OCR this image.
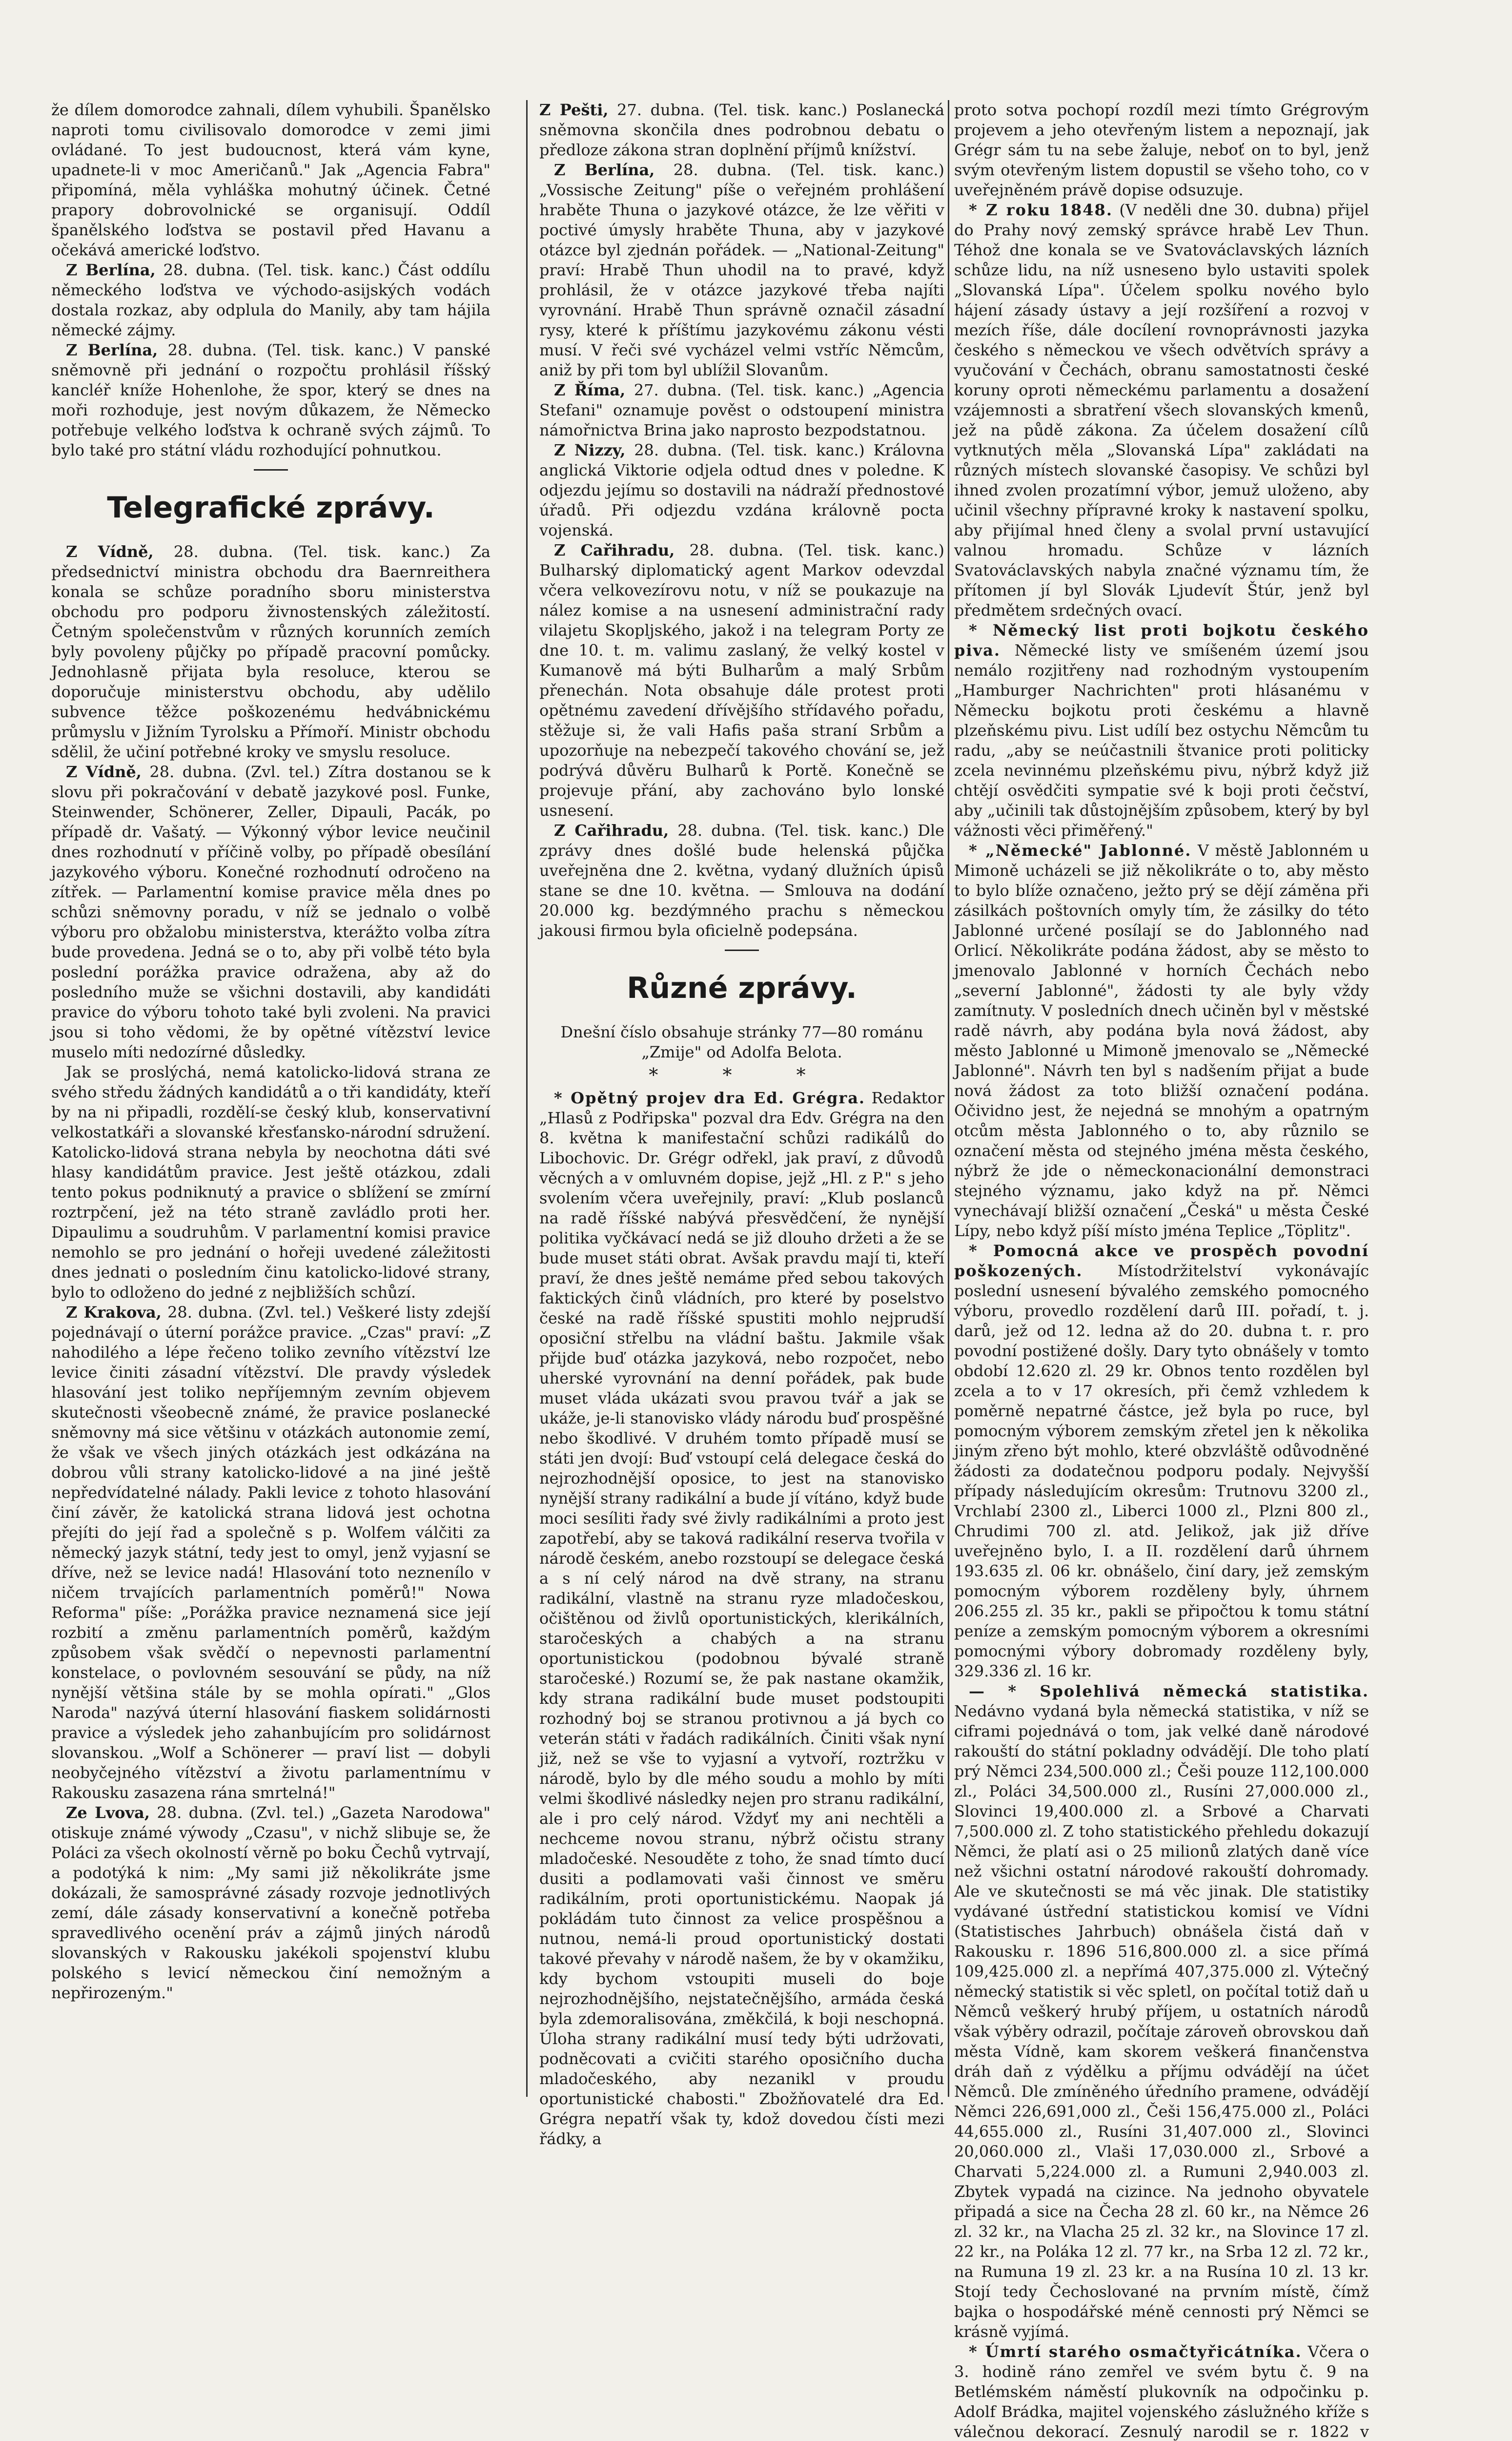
že dílem domorodce zahnali, dílem vyhubili. Španělsko naproti tomu civilisovalo domorodce v zemi jimi ovládané. To jest budoucnost, která vám kyne, upadnete-li v moc Američanů." Jak „Agencia Fabra" připomíná, měla vyhláška mohutný účinek. Četné prapory dobrovolnické se organisují. Oddíl španělského loďstva se postavil před Havanu a očekává americké loďstvo.

Z Berlína, 28. dubna. (Tel. tisk. kanc.) Část oddílu německého loďstva ve východo-asijských vodách dostala rozkaz, aby odplula do Manily, aby tam hájila německé zájmy.

Z Berlína, 28. dubna. (Tel. tisk. kanc.) V panské sněmovně při jednání o rozpočtu prohlásil říšský kancléř kníže Hohenlohe, že spor, který se dnes na moři rozhoduje, jest novým důkazem, že Německo potřebuje velkého loďstva k ochraně svých zájmů. To bylo také pro státní vládu rozhodující pohnutkou.

Telegrafické zprávy.

Z Vídně, 28. dubna. (Tel. tisk. kanc.) Za předsednictví ministra obchodu dra Baernreithera konala se schůze poradního sboru ministerstva obchodu pro podporu živnostenských záležitostí. Četným společenstvům v různých korunních zemích byly povoleny půjčky po případě pracovní pomůcky. Jednohlasně přijata byla resoluce, kterou se doporučuje ministerstvu obchodu, aby udělilo subvence těžce poškozenému hedvábnickému průmyslu v Jižním Tyrolsku a Přímoří. Ministr obchodu sdělil, že učiní potřebné kroky ve smyslu resoluce.

Z Vídně, 28. dubna. (Zvl. tel.) Zítra dostanou se k slovu při pokračování v debatě jazykové posl. Funke, Steinwender, Schönerer, Zeller, Dipauli, Pacák, po případě dr. Vašatý. — Výkonný výbor levice neučinil dnes rozhodnutí v příčině volby, po případě obesílání jazykového výboru. Konečné rozhodnutí odročeno na zítřek. — Parlamentní komise pravice měla dnes po schůzi sněmovny poradu, v níž se jednalo o volbě výboru pro obžalobu ministerstva, kterážto volba zítra bude provedena. Jedná se o to, aby při volbě této byla poslední porážka pravice odražena, aby až do posledního muže se všichni dostavili, aby kandidáti pravice do výboru tohoto také byli zvoleni. Na pravici jsou si toho vědomi, že by opětné vítězství levice muselo míti nedozírné důsledky.

Jak se proslýchá, nemá katolicko-lidová strana ze svého středu žádných kandidátů a o tři kandidáty, kteří by na ni připadli, rozdělí-se český klub, konservativní velkostatkáři a slovanské křesťansko-národní sdružení. Katolicko-lidová strana nebyla by neochotna dáti své hlasy kandidátům pravice. Jest ještě otázkou, zdali tento pokus podniknutý a pravice o sblížení se zmírní roztrpčení, jež na této straně zavládlo proti her. Dipaulimu a soudruhům. V parlamentní komisi pravice nemohlo se pro jednání o hořeji uvedené záležitosti dnes jednati o posledním činu katolicko-lidové strany, bylo to odloženo do jedné z nejbližších schůzí.

Z Krakova, 28. dubna. (Zvl. tel.) Veškeré listy zdejší pojednávají o úterní porážce pravice. „Czas" praví: „Z nahodilého a lépe řečeno toliko zevního vítězství lze levice činiti zásadní vítězství. Dle pravdy výsledek hlasování jest toliko nepříjemným zevním objevem skutečnosti všeobecně známé, že pravice poslanecké sněmovny má sice většinu v otázkách autonomie zemí, že však ve všech jiných otázkách jest odkázána na dobrou vůli strany katolicko-lidové a na jiné ještě nepředvídatelné nálady. Pakli levice z tohoto hlasování činí závěr, že katolická strana lidová jest ochotna přejíti do její řad a společně s p. Wolfem válčiti za německý jazyk státní, tedy jest to omyl, jenž vyjasní se dříve, než se levice nadá! Hlasování toto neznenílo v ničem trvajících parlamentních poměrů!" Nowa Reforma" píše: „Porážka pravice neznamená sice její rozbití a změnu parlamentních poměrů, každým způsobem však svědčí o nepevnosti parlamentní konstelace, o povlovném sesouvání se půdy, na níž nynější většina stále by se mohla opírati." „Glos Naroda" nazývá úterní hlasování fiaskem solidárnosti pravice a výsledek jeho zahanbujícím pro solidárnost slovanskou. „Wolf a Schönerer — praví list — dobyli neobyčejného vítězství a životu parlamentnímu v Rakousku zasazena rána smrtelná!"

Ze Lvova, 28. dubna. (Zvl. tel.) „Gazeta Narodowa" otiskuje známé výwody „Czasu", v nichž slibuje se, že Poláci za všech okolností věrně po boku Čechů vytrvají, a podotýká k nim: „My sami již několikráte jsme dokázali, že samosprávné zásady rozvoje jednotlivých zemí, dále zásady konservativní a konečně potřeba spravedlivého ocenění práv a zájmů jiných národů slovanských v Rakousku jakékoli spojenství klubu polského s levicí německou činí nemožným a nepřirozeným."

Z Pešti, 27. dubna. (Tel. tisk. kanc.) Poslanecká sněmovna skončila dnes podrobnou debatu o předloze zákona stran doplnění příjmů knížství.

Z Berlína, 28. dubna. (Tel. tisk. kanc.) „Vossische Zeitung" píše o veřejném prohlášení hraběte Thuna o jazykové otázce, že lze věřiti v poctivé úmysly hraběte Thuna, aby v jazykové otázce byl zjednán pořádek. — „National-Zeitung" praví: Hrabě Thun uhodil na to pravé, když prohlásil, že v otázce jazykové třeba najíti vyrovnání. Hrabě Thun správně označil zásadní rysy, které k příštímu jazykovému zákonu vésti musí. V řeči své vycházel velmi vstříc Němcům, aniž by při tom byl ublížil Slovanům.

Z Říma, 27. dubna. (Tel. tisk. kanc.) „Agencia Stefani" oznamuje pověst o odstoupení ministra námořnictva Brina jako naprosto bezpodstatnou.

Z Nizzy, 28. dubna. (Tel. tisk. kanc.) Královna anglická Viktorie odjela odtud dnes v poledne. K odjezdu jejímu so dostavili na nádraží přednostové úřadů. Při odjezdu vzdána královně pocta vojenská.

Z Cařihradu, 28. dubna. (Tel. tisk. kanc.) Bulharský diplomatický agent Markov odevzdal včera velkovezírovu notu, v níž se poukazuje na nález komise a na usnesení administrační rady vilajetu Skopljského, jakož i na telegram Porty ze dne 10. t. m. valimu zaslaný, že velký kostel v Kumanově má býti Bulharům a malý Srbům přenechán. Nota obsahuje dále protest proti opětnému zavedení dřívějšího střídavého pořadu, stěžuje si, že vali Hafis paša straní Srbům a upozorňuje na nebezpečí takového chování se, jež podrývá důvěru Bulharů k Portě. Konečně se projevuje přání, aby zachováno bylo lonské usnesení.

Z Cařihradu, 28. dubna. (Tel. tisk. kanc.) Dle zprávy dnes došlé bude helenská půjčka uveřejněna dne 2. května, vydaný dlužních úpisů stane se dne 10. května. — Smlouva na dodání 20.000 kg. bezdýmného prachu s německou jakousi firmou byla oficielně podepsána.

Různé zprávy.

Dnešní číslo obsahuje stránky 77—80 románu „Zmije" od Adolfa Belota.

* * *

* Opětný projev dra Ed. Grégra. Redaktor „Hlasů z Podřipska" pozval dra Edv. Grégra na den 8. května k manifestační schůzi radikálů do Libochovic. Dr. Grégr odřekl, jak praví, z důvodů věcných a v omluvném dopise, jejž „Hl. z P." s jeho svolením včera uveřejnily, praví: „Klub poslanců na radě říšské nabývá přesvědčení, že nynější politika vyčkávací nedá se již dlouho držeti a že se bude muset státi obrat. Avšak pravdu mají ti, kteří praví, že dnes ještě nemáme před sebou takových faktických činů vládních, pro které by poselstvo české na radě říšské spustiti mohlo nejprudší oposiční střelbu na vládní baštu. Jakmile však přijde buď otázka jazyková, nebo rozpočet, nebo uherské vyrovnání na denní pořádek, pak bude muset vláda ukázati svou pravou tvář a jak se ukáže, je-li stanovisko vlády národu buď prospěšné nebo škodlivé. V druhém tomto případě musí se státi jen dvojí: Buď vstoupí celá delegace česká do nejrozhodnější oposice, to jest na stanovisko nynější strany radikální a bude jí vítáno, když bude moci sesíliti řady své živly radikálními a proto jest zapotřebí, aby se taková radikální reserva tvořila v národě českém, anebo rozstoupí se delegace česká a s ní celý národ na dvě strany, na stranu radikální, vlastně na stranu ryze mladočeskou, očištěnou od živlů oportunistických, klerikálních, staročeských a chabých a na stranu oportunistickou (podobnou bývalé straně staročeské.) Rozumí se, že pak nastane okamžik, kdy strana radikální bude muset podstoupiti rozhodný boj se stranou protivnou a já bych co veterán státi v řadách radikálních. Činiti však nyní již, než se vše to vyjasní a vytvoří, roztržku v národě, bylo by dle mého soudu a mohlo by míti velmi škodlivé následky nejen pro stranu radikální, ale i pro celý národ. Vždyť my ani nechtěli a nechceme novou stranu, nýbrž očistu strany mladočeské. Nesouděte z toho, že snad tímto ducí dusiti a podlamovati vaši činnost ve směru radikálním, proti oportunistickému. Naopak já pokládám tuto činnost za velice prospěšnou a nutnou, nemá-li proud oportunistický dostati takové převahy v národě našem, že by v okamžiku, kdy bychom vstoupiti museli do boje nejrozhodnějšího, nejstatečnějšího, armáda česká byla zdemoralisována, změkčilá, k boji neschopná. Úloha strany radikální musí tedy býti udržovati, podněcovati a cvičiti starého oposičního ducha mladočeského, aby nezanikl v proudu oportunistické chabosti." Zbožňovatelé dra Ed. Grégra nepatří však ty, kdož dovedou čísti mezi řádky, a

proto sotva pochopí rozdíl mezi tímto Grégrovým projevem a jeho otevřeným listem a nepoznají, jak Grégr sám tu na sebe žaluje, neboť on to byl, jenž svým otevřeným listem dopustil se všeho toho, co v uveřejněném právě dopise odsuzuje.

* Z roku 1848. (V neděli dne 30. dubna) přijel do Prahy nový zemský správce hrabě Lev Thun. Téhož dne konala se ve Svatováclavských lázních schůze lidu, na níž usneseno bylo ustaviti spolek „Slovanská Lípa". Účelem spolku nového bylo hájení zásady ústavy a její rozšíření a rozvoj v mezích říše, dále docílení rovnoprávnosti jazyka českého s německou ve všech odvětvích správy a vyučování v Čechách, obranu samostatnosti české koruny oproti německému parlamentu a dosažení vzájemnosti a sbratření všech slovanských kmenů, jež na půdě zákona. Za účelem dosažení cílů vytknutých měla „Slovanská Lípa" zakládati na různých místech slovanské časopisy. Ve schůzi byl ihned zvolen prozatímní výbor, jemuž uloženo, aby učinil všechny přípravné kroky k nastavení spolku, aby přijímal hned členy a svolal první ustavující valnou hromadu. Schůze v lázních Svatováclavských nabyla značné významu tím, že přítomen jí byl Slovák Ljudevít Štúr, jenž byl předmětem srdečných ovací.

* Německý list proti bojkotu českého piva. Německé listy ve smíšeném území jsou nemálo rozjitřeny nad rozhodným vystoupením „Hamburger Nachrichten" proti hlásanému v Německu bojkotu proti českému a hlavně plzeňskému pivu. List udílí bez ostychu Němcům tu radu, „aby se neúčastnili štvanice proti politicky zcela nevinnému plzeňskému pivu, nýbrž když již chtějí osvědčiti sympatie své k boji proti čečství, aby „učinili tak důstojnějším způsobem, který by byl vážnosti věci přiměřený."

* „Německé" Jablonné. V městě Jablonném u Mimoně ucházeli se již několikráte o to, aby město to bylo blíže označeno, ježto prý se dějí záměna při zásilkách poštovních omyly tím, že zásilky do této Jablonné určené posílají se do Jablonného nad Orlicí. Několikráte podána žádost, aby se město to jmenovalo Jablonné v horních Čechách nebo „severní Jablonné", žádosti ty ale byly vždy zamítnuty. V posledních dnech učiněn byl v městské radě návrh, aby podána byla nová žádost, aby město Jablonné u Mimoně jmenovalo se „Německé Jablonné". Návrh ten byl s nadšením přijat a bude nová žádost za toto bližší označení podána. Očividno jest, že nejedná se mnohým a opatrným otcům města Jablonného o to, aby různilo se označení města od stejného jména města českého, nýbrž že jde o německonacionální demonstraci stejného významu, jako když na př. Němci vynechávají bližší označení „Česká" u města České Lípy, nebo když píší místo jména Teplice „Töplitz".

* Pomocná akce ve prospěch povodní poškozených. Místodržitelství vykonávajíc poslední usnesení bývalého zemského pomocného výboru, provedlo rozdělení darů III. pořadí, t. j. darů, jež od 12. ledna až do 20. dubna t. r. pro povodní postižené došly. Dary tyto obnášely v tomto období 12.620 zl. 29 kr. Obnos tento rozdělen byl zcela a to v 17 okresích, při čemž vzhledem k poměrně nepatrné částce, jež byla po ruce, byl pomocným výborem zemským zřetel jen k několika jiným zřeno být mohlo, které obzvláště odůvodněné žádosti za dodatečnou podporu podaly. Nejvyšší případy následujícím okresům: Trutnovu 3200 zl., Vrchlabí 2300 zl., Liberci 1000 zl., Plzni 800 zl., Chrudimi 700 zl. atd. Jelikož, jak již dříve uveřejněno bylo, I. a II. rozdělení darů úhrnem 193.635 zl. 06 kr. obnášelo, činí dary, jež zemským pomocným výborem rozděleny byly, úhrnem 206.255 zl. 35 kr., pakli se připočtou k tomu státní peníze a zemským pomocným výborem a okresními pomocnými výbory dobromady rozděleny byly, 329.336 zl. 16 kr.

— * Spolehlivá německá statistika. Nedávno vydaná byla německá statistika, v níž se ciframi pojednává o tom, jak velké daně národové rakouští do státní pokladny odvádějí. Dle toho platí prý Němci 234,500.000 zl.; Češi pouze 112,100.000 zl., Poláci 34,500.000 zl., Rusíni 27,000.000 zl., Slovinci 19,400.000 zl. a Srbové a Charvati 7,500.000 zl. Z toho statistického přehledu dokazují Němci, že platí asi o 25 milionů zlatých daně více než všichni ostatní národové rakouští dohromady. Ale ve skutečnosti se má věc jinak. Dle statistiky vydávané ústřední statistickou komisí ve Vídni (Statistisches Jahrbuch) obnášela čistá daň v Rakousku r. 1896 516,800.000 zl. a sice přímá 109,425.000 zl. a nepřímá 407,375.000 zl. Výtečný německý statistik si věc spletl, on počítal totiž daň u Němců veškerý hrubý příjem, u ostatních národů však výběry odrazil, počítaje zároveň obrovskou daň města Vídně, kam skorem veškerá finančenstva dráh daň z výdělku a příjmu odvádějí na účet Němců. Dle zmíněného úředního pramene, odvádějí Němci 226,691,000 zl., Češi 156,475.000 zl., Poláci 44,655.000 zl., Rusíni 31,407.000 zl., Slovinci 20,060.000 zl., Vlaši 17,030.000 zl., Srbové a Charvati 5,224.000 zl. a Rumuni 2,940.003 zl. Zbytek vypadá na cizince. Na jednoho obyvatele připadá a sice na Čecha 28 zl. 60 kr., na Němce 26 zl. 32 kr., na Vlacha 25 zl. 32 kr., na Slovince 17 zl. 22 kr., na Poláka 12 zl. 77 kr., na Srba 12 zl. 72 kr., na Rumuna 19 zl. 23 kr. a na Rusína 10 zl. 13 kr. Stojí tedy Čechoslované na prvním místě, čímž bajka o hospodářské méně cennosti prý Němci se krásně vyjímá.

* Úmrtí starého osmačtyřicátníka. Včera o 3. hodině ráno zemřel ve svém bytu č. 9 na Betlémském náměstí plukovník na odpočinku p. Adolf Brádka, majitel vojenského záslužného kříže s válečnou dekorací. Zesnulý narodil se r. 1822 v
